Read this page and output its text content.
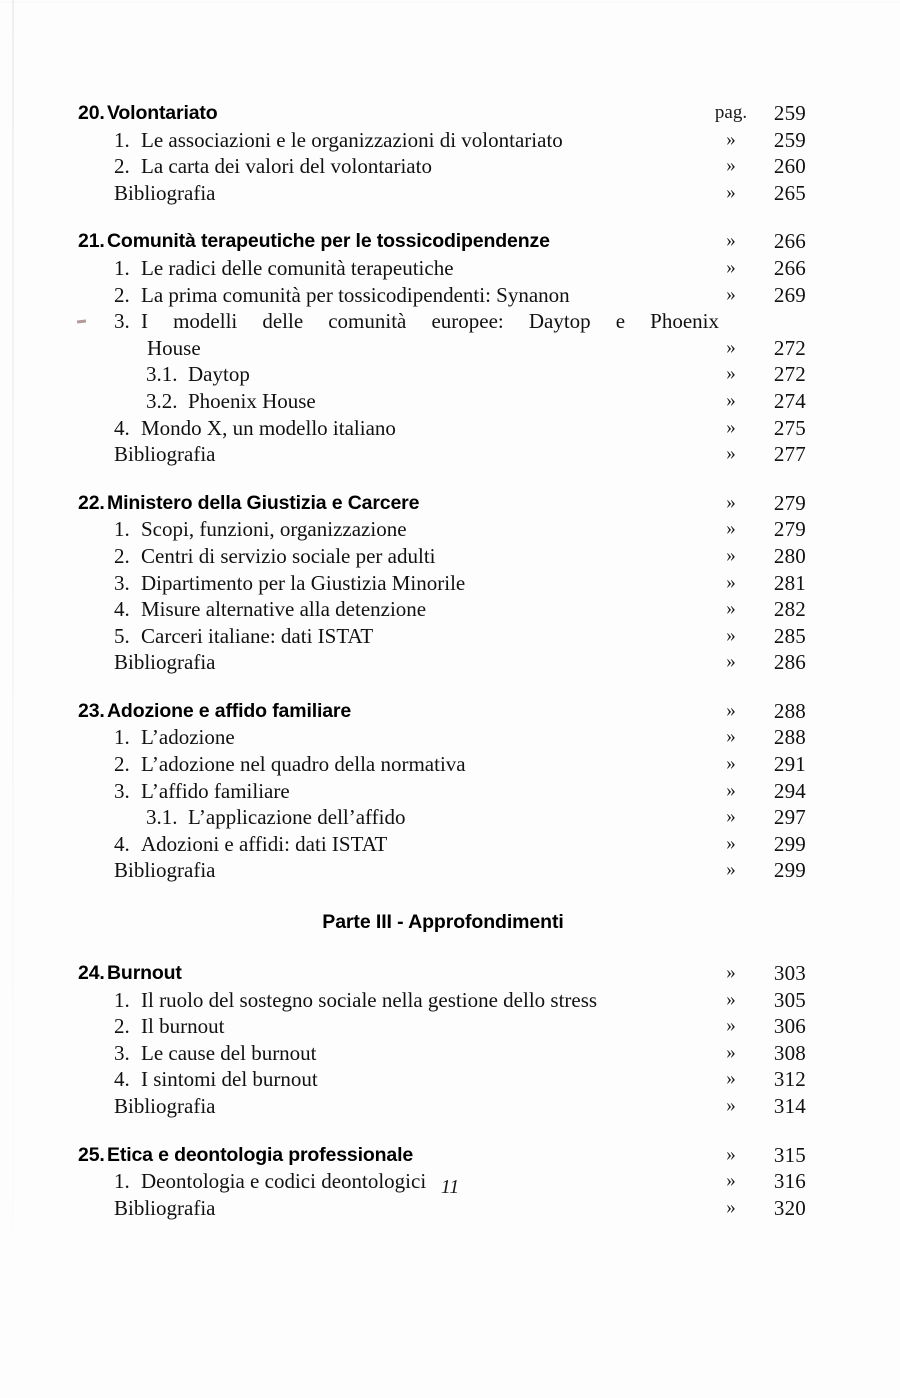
20. Volontariato	pag.	259
1. Le associazioni e le organizzazioni di volontariato	»	259
2. La carta dei valori del volontariato	»	260
Bibliografia	»	265
21. Comunità terapeutiche per le tossicodipendenze	»	266
1. Le radici delle comunità terapeutiche	»	266
2. La prima comunità per tossicodipendenti: Synanon	»	269
3. I modelli delle comunità europee: Daytop e Phoenix
House	»	272
3.1. Daytop	»	272
3.2. Phoenix House	»	274
4. Mondo X, un modello italiano	»	275
Bibliografia	»	277
22. Ministero della Giustizia e Carcere	»	279
1. Scopi, funzioni, organizzazione	»	279
2. Centri di servizio sociale per adulti	»	280
3. Dipartimento per la Giustizia Minorile	»	281
4. Misure alternative alla detenzione	»	282
5. Carceri italiane: dati ISTAT	»	285
Bibliografia	»	286
23. Adozione e affido familiare	»	288
1. L’adozione	»	288
2. L’adozione nel quadro della normativa	»	291
3. L’affido familiare	»	294
3.1. L’applicazione dell’affido	»	297
4. Adozioni e affidi: dati ISTAT	»	299
Bibliografia	»	299
Parte III - Approfondimenti
24. Burnout	»	303
1. Il ruolo del sostegno sociale nella gestione dello stress	»	305
2. Il burnout	»	306
3. Le cause del burnout	»	308
4. I sintomi del burnout	»	312
Bibliografia	»	314
25. Etica e deontologia professionale	»	315
1. Deontologia e codici deontologici	»	316
Bibliografia	»	320
11
